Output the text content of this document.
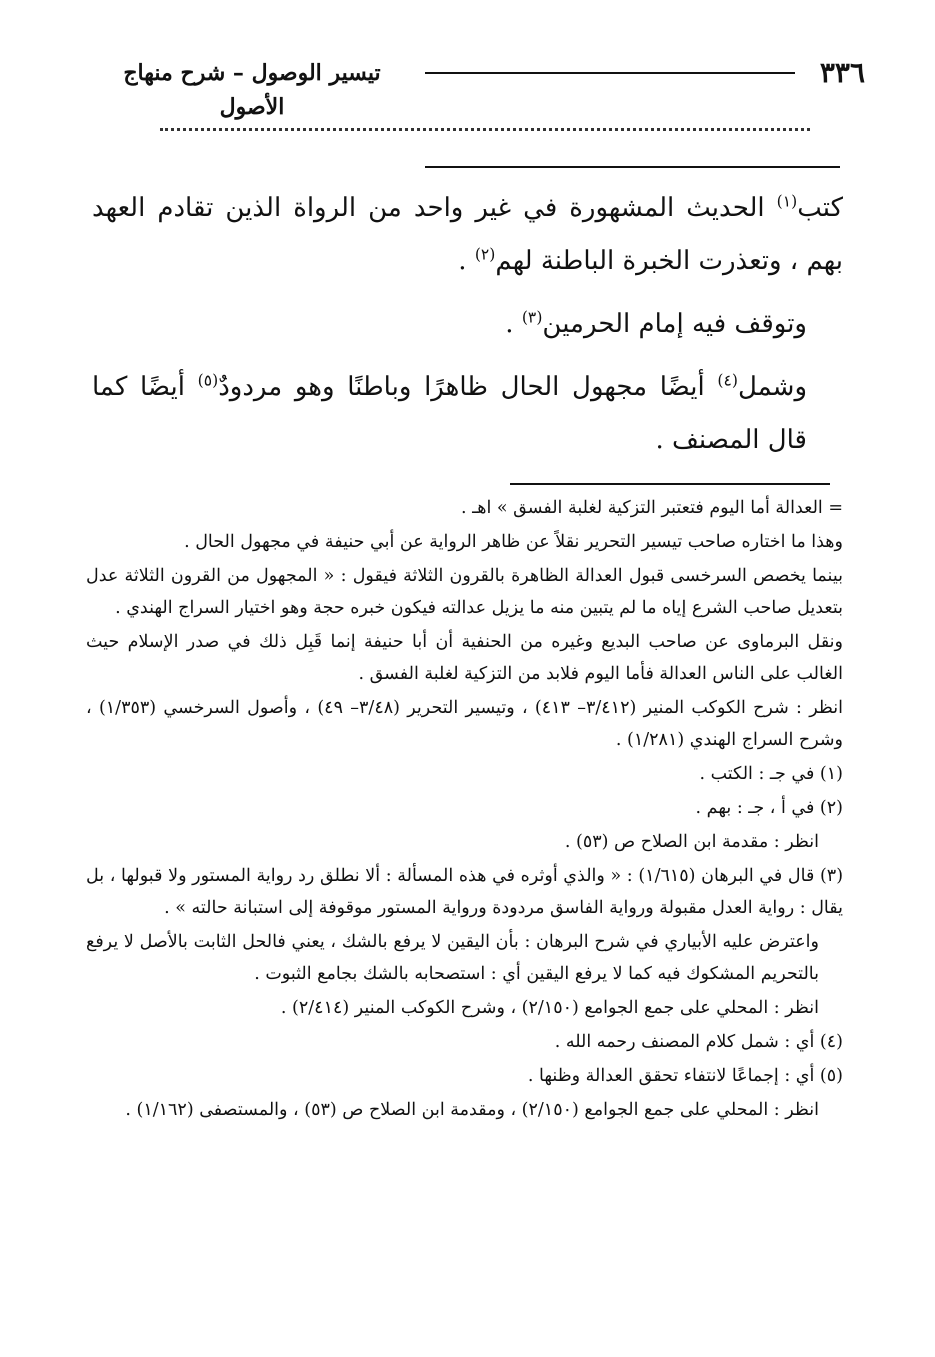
٣٣٦
تيسير الوصول – شرح منهاج الأصول

كتب$^{(١)}$ الحديث المشهورة في غير واحد من الرواة الذين تقادم العهد بهم ، وتعذرت الخبرة الباطنة لهم$^{(٢)}$ .

وتوقف فيه إمام الحرمين$^{(٣)}$ .

وشمل$^{(٤)}$ أيضًا مجهول الحال ظاهرًا وباطنًا وهو مردودٌ$^{(٥)}$ أيضًا كما قال المصنف .

= العدالة أما اليوم فتعتبر التزكية لغلبة الفسق » اهـ .

وهذا ما اختاره صاحب تيسير التحرير نقلاً عن ظاهر الرواية عن أبي حنيفة في مجهول الحال .

بينما يخصص السرخسى قبول العدالة الظاهرة بالقرون الثلاثة فيقول : « المجهول من القرون الثلاثة عدل بتعديل صاحب الشرع إياه ما لم يتبين منه ما يزيل عدالته فيكون خبره حجة وهو اختيار السراج الهندي .

ونقل البرماوى عن صاحب البديع وغيره من الحنفية أن أبا حنيفة إنما قَبِل ذلك في صدر الإسلام حيث الغالب على الناس العدالة فأما اليوم فلابد من التزكية لغلبة الفسق .

انظر : شرح الكوكب المنير (٣/٤١٢– ٤١٣) ، وتيسير التحرير (٣/٤٨– ٤٩) ، وأصول السرخسي (١/٣٥٣) ، وشرح السراج الهندي (١/٢٨١) .

(١) في جـ : الكتب .

(٢) في أ ، جـ : بهم .

انظر : مقدمة ابن الصلاح ص (٥٣) .

(٣) قال في البرهان (١/٦١٥) : « والذي أوثره في هذه المسألة : ألا نطلق رد رواية المستور ولا قبولها ، بل يقال : رواية العدل مقبولة ورواية الفاسق مردودة ورواية المستور موقوفة إلى استبانة حالته » .

واعترض عليه الأبياري في شرح البرهان : بأن اليقين لا يرفع بالشك ، يعني فالحل الثابت بالأصل لا يرفع بالتحريم المشكوك فيه كما لا يرفع اليقين أي : استصحابه بالشك بجامع الثبوت .

انظر : المحلي على جمع الجوامع (٢/١٥٠) ، وشرح الكوكب المنير (٢/٤١٤) .

(٤) أي : شمل كلام المصنف رحمه الله .

(٥) أي : إجماعًا لانتفاء تحقق العدالة وظنها .

انظر : المحلي على جمع الجوامع (٢/١٥٠) ، ومقدمة ابن الصلاح ص (٥٣) ، والمستصفى (١/١٦٢) .
